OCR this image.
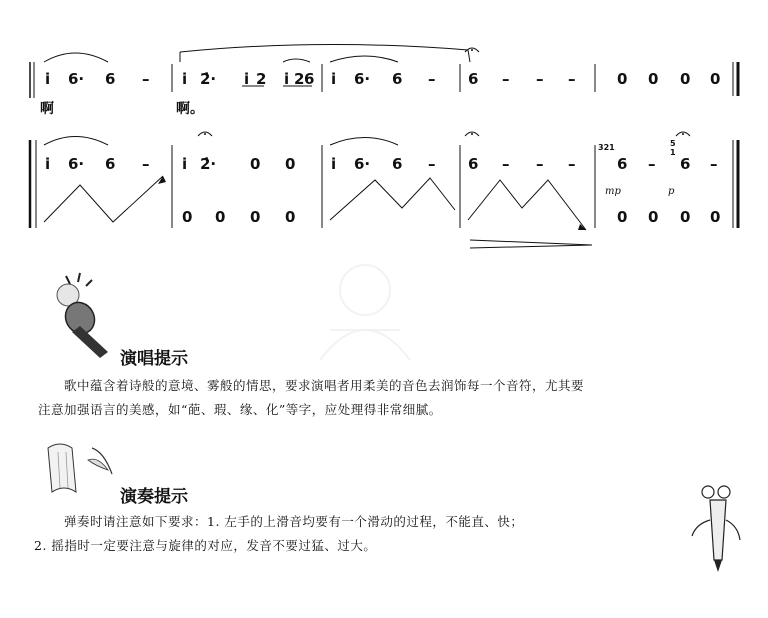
i 6· 6 – i 2̇· i 2 i 2 6 i 6· 6 – 6 – – –	0 0 0 0
啊	啊。
i 6· 6 – i 2̇· 0 0 i 6· 6 – 6 – – –	6 – 6 –
321	5
1
mp	p
0 0 0 0	0 0 0 0
演唱提示
歌中蕴含着诗般的意境、雾般的情思，要求演唱者用柔美的音色去润饰每一个音符，尤其要
注意加强语言的美感，如“葩、瑕、缘、化”等字，应处理得非常细腻。
演奏提示
弹奏时请注意如下要求：1. 左手的上滑音均要有一个滑动的过程，不能直、快；
2. 摇指时一定要注意与旋律的对应，发音不要过猛、过大。
